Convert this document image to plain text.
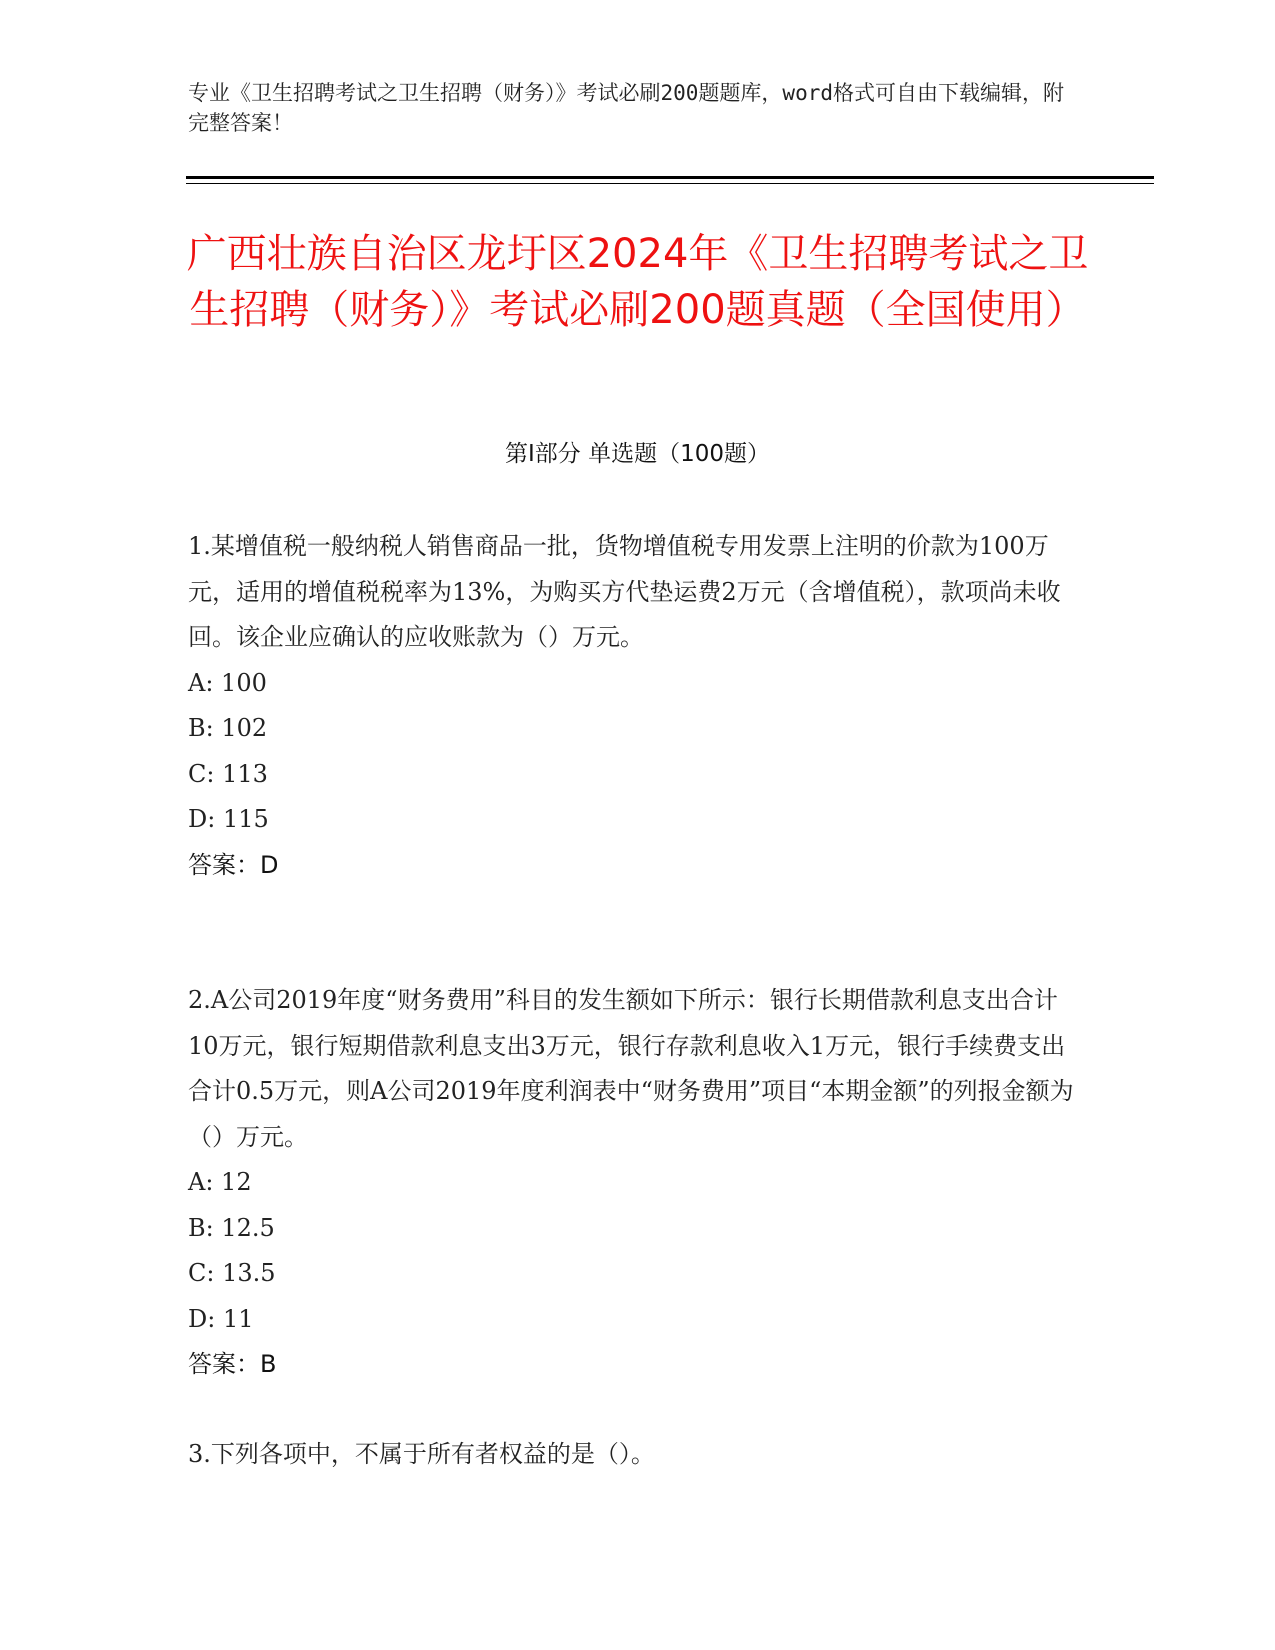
专业《卫生招聘考试之卫生招聘（财务）》考试必刷200题题库，word格式可自由下载编辑，附完整答案！

广西壮族自治区龙圩区2024年《卫生招聘考试之卫生招聘（财务）》考试必刷200题真题（全国使用）
第I部分 单选题（100题）

1.某增值税一般纳税人销售商品一批，货物增值税专用发票上注明的价款为100万元，适用的增值税税率为13%，为购买方代垫运费2万元（含增值税），款项尚未收回。该企业应确认的应收账款为（）万元。

A: 100

B: 102

C: 113

D: 115

答案：D

2.A公司2019年度“财务费用”科目的发生额如下所示：银行长期借款利息支出合计10万元，银行短期借款利息支出3万元，银行存款利息收入1万元，银行手续费支出合计0.5万元，则A公司2019年度利润表中“财务费用”项目“本期金额”的列报金额为（）万元。

A: 12

B: 12.5

C: 13.5

D: 11

答案：B

3.下列各项中，不属于所有者权益的是（）。
